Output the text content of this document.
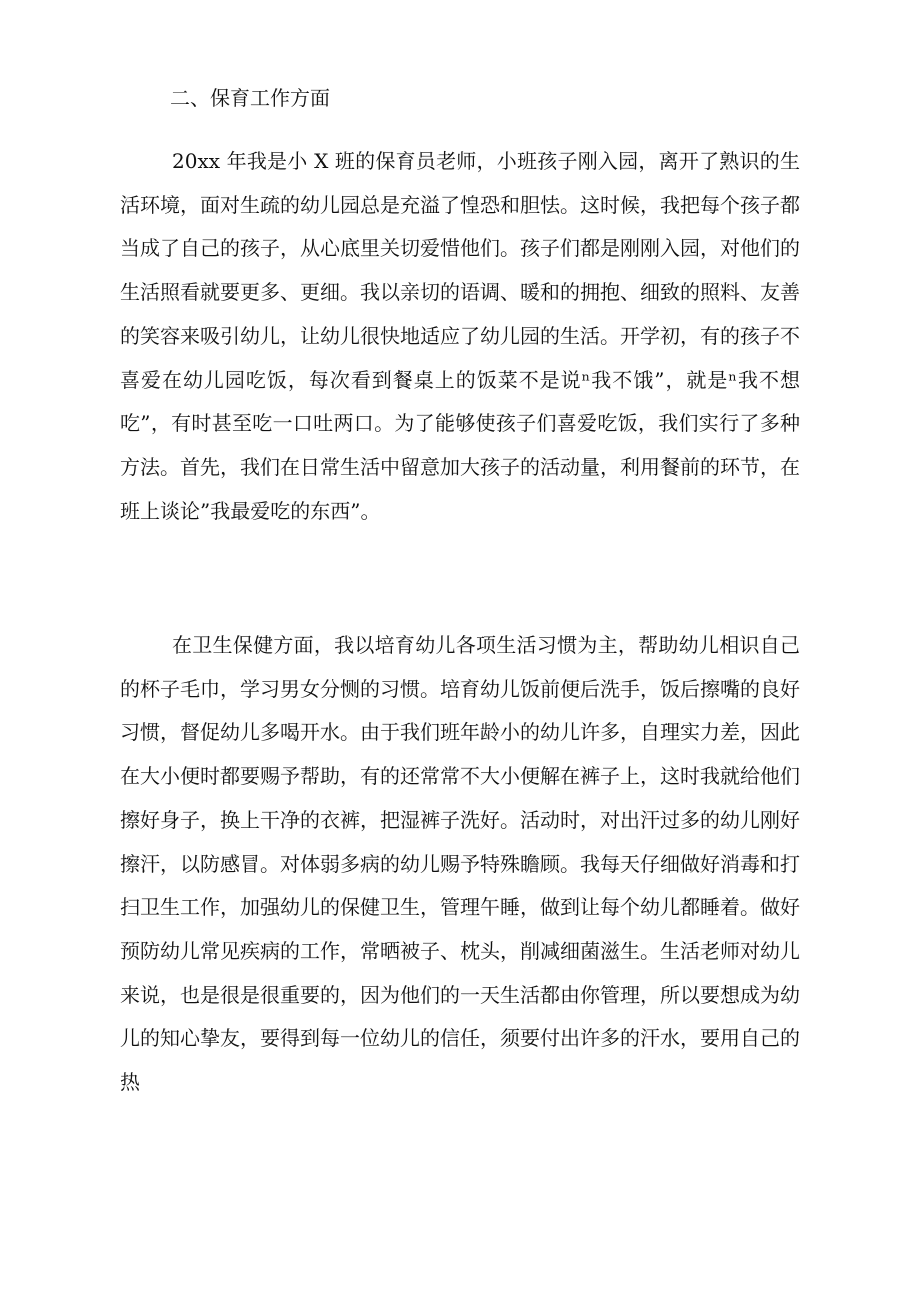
二、保育工作方面

20xx 年我是小 X 班的保育员老师，小班孩子刚入园，离开了熟识的生活环境，面对生疏的幼儿园总是充溢了惶恐和胆怯。这时候，我把每个孩子都当成了自己的孩子，从心底里关切爱惜他们。孩子们都是刚刚入园，对他们的生活照看就要更多、更细。我以亲切的语调、暖和的拥抱、细致的照料、友善的笑容来吸引幼儿，让幼儿很快地适应了幼儿园的生活。开学初，有的孩子不喜爱在幼儿园吃饭，每次看到餐桌上的饭菜不是说ⁿ我不饿”，就是ⁿ我不想吃”，有时甚至吃一口吐两口。为了能够使孩子们喜爱吃饭，我们实行了多种方法。首先，我们在日常生活中留意加大孩子的活动量，利用餐前的环节，在班上谈论”我最爱吃的东西”。

在卫生保健方面，我以培育幼儿各项生活习惯为主，帮助幼儿相识自己的杯子毛巾，学习男女分恻的习惯。培育幼儿饭前便后洗手，饭后擦嘴的良好习惯，督促幼儿多喝开水。由于我们班年龄小的幼儿许多，自理实力差，因此在大小便时都要赐予帮助，有的还常常不大小便解在裤子上，这时我就给他们擦好身子，换上干净的衣裤，把湿裤子洗好。活动时，对出汗过多的幼儿刚好擦汗，以防感冒。对体弱多病的幼儿赐予特殊瞻顾。我每天仔细做好消毒和打扫卫生工作，加强幼儿的保健卫生，管理午睡，做到让每个幼儿都睡着。做好预防幼儿常见疾病的工作，常晒被子、枕头，削减细菌滋生。生活老师对幼儿来说，也是很是很重要的，因为他们的一天生活都由你管理，所以要想成为幼儿的知心挚友，要得到每一位幼儿的信任，须要付出许多的汗水，要用自己的热
